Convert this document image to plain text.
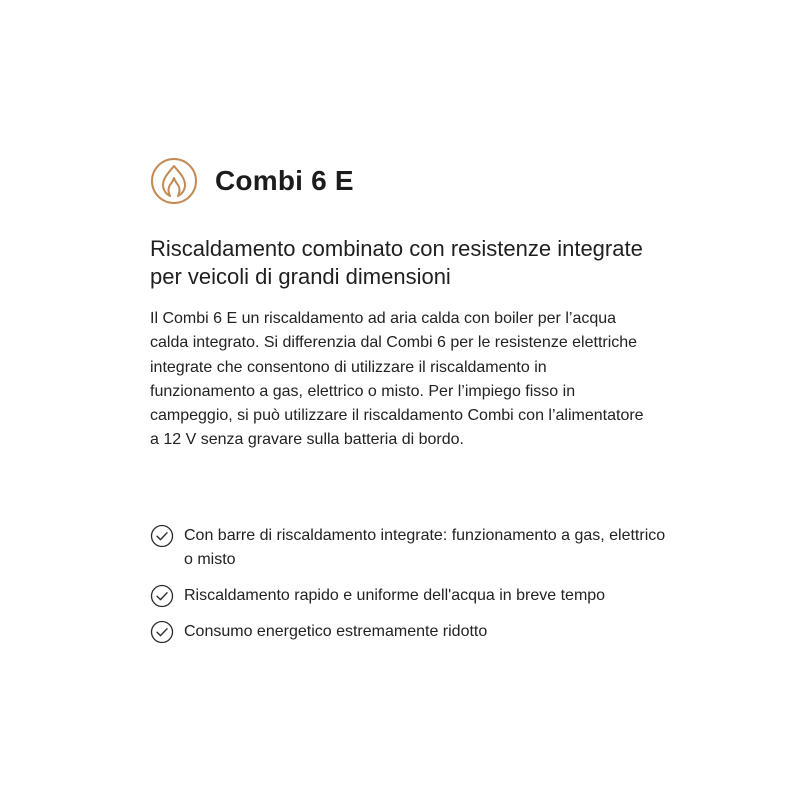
Combi 6 E
Riscaldamento combinato con resistenze integrate per veicoli di grandi dimensioni

Il Combi 6 E un riscaldamento ad aria calda con boiler per l’acqua calda integrato. Si differenzia dal Combi 6 per le resistenze elettriche integrate che consentono di utilizzare il riscaldamento in funzionamento a gas, elettrico o misto. Per l’impiego fisso in campeggio, si può utilizzare il riscaldamento Combi con l’alimentatore a 12 V senza gravare sulla batteria di bordo.

Con barre di riscaldamento integrate: funzionamento a gas, elettrico o misto
Riscaldamento rapido e uniforme dell'acqua in breve tempo
Consumo energetico estremamente ridotto
